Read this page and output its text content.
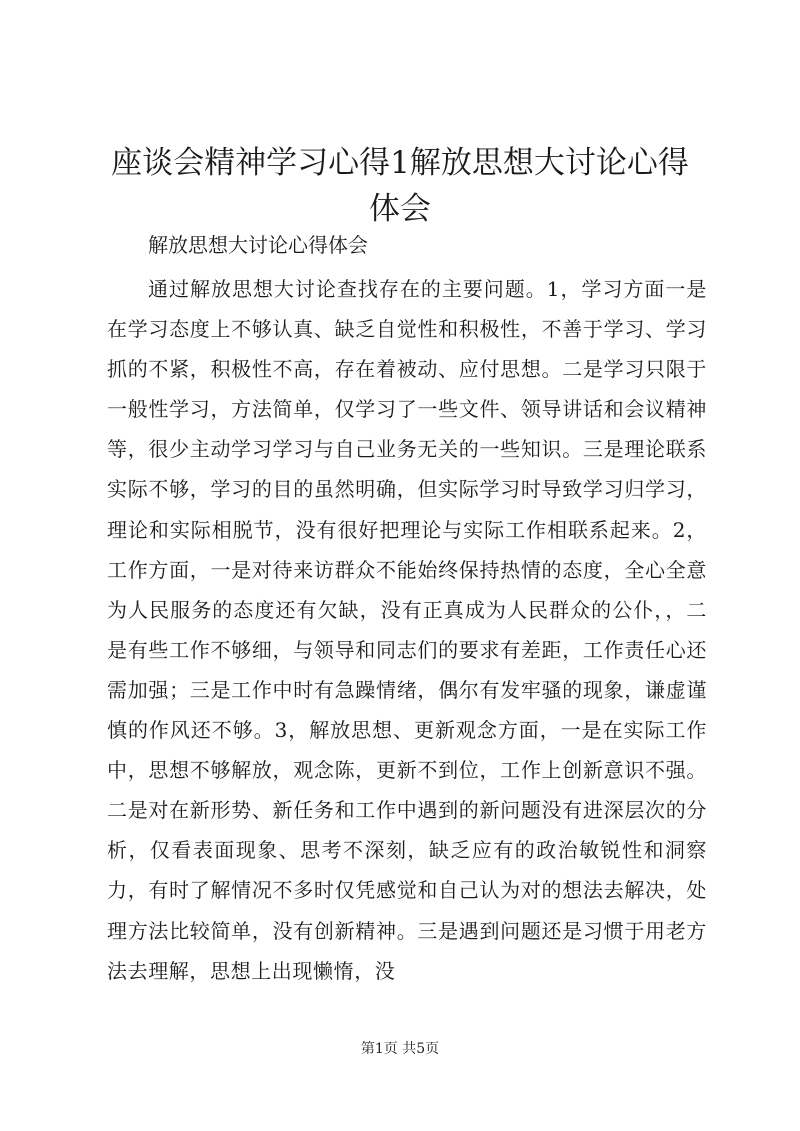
座谈会精神学习心得1解放思想大讨论心得体会

解放思想大讨论心得体会

通过解放思想大讨论查找存在的主要问题。1，学习方面一是在学习态度上不够认真、缺乏自觉性和积极性，不善于学习、学习抓的不紧，积极性不高，存在着被动、应付思想。二是学习只限于一般性学习，方法简单，仅学习了一些文件、领导讲话和会议精神等，很少主动学习学习与自己业务无关的一些知识。三是理论联系实际不够，学习的目的虽然明确，但实际学习时导致学习归学习，理论和实际相脱节，没有很好把理论与实际工作相联系起来。2，工作方面，一是对待来访群众不能始终保持热情的态度，全心全意为人民服务的态度还有欠缺，没有正真成为人民群众的公仆，，二是有些工作不够细，与领导和同志们的要求有差距，工作责任心还需加强；三是工作中时有急躁情绪，偶尔有发牢骚的现象，谦虚谨慎的作风还不够。3，解放思想、更新观念方面，一是在实际工作中，思想不够解放，观念陈，更新不到位，工作上创新意识不强。二是对在新形势、新任务和工作中遇到的新问题没有进深层次的分析，仅看表面现象、思考不深刻，缺乏应有的政治敏锐性和洞察力，有时了解情况不多时仅凭感觉和自己认为对的想法去解决，处理方法比较简单，没有创新精神。三是遇到问题还是习惯于用老方法去理解，思想上出现懒惰，没

第1页 共5页
